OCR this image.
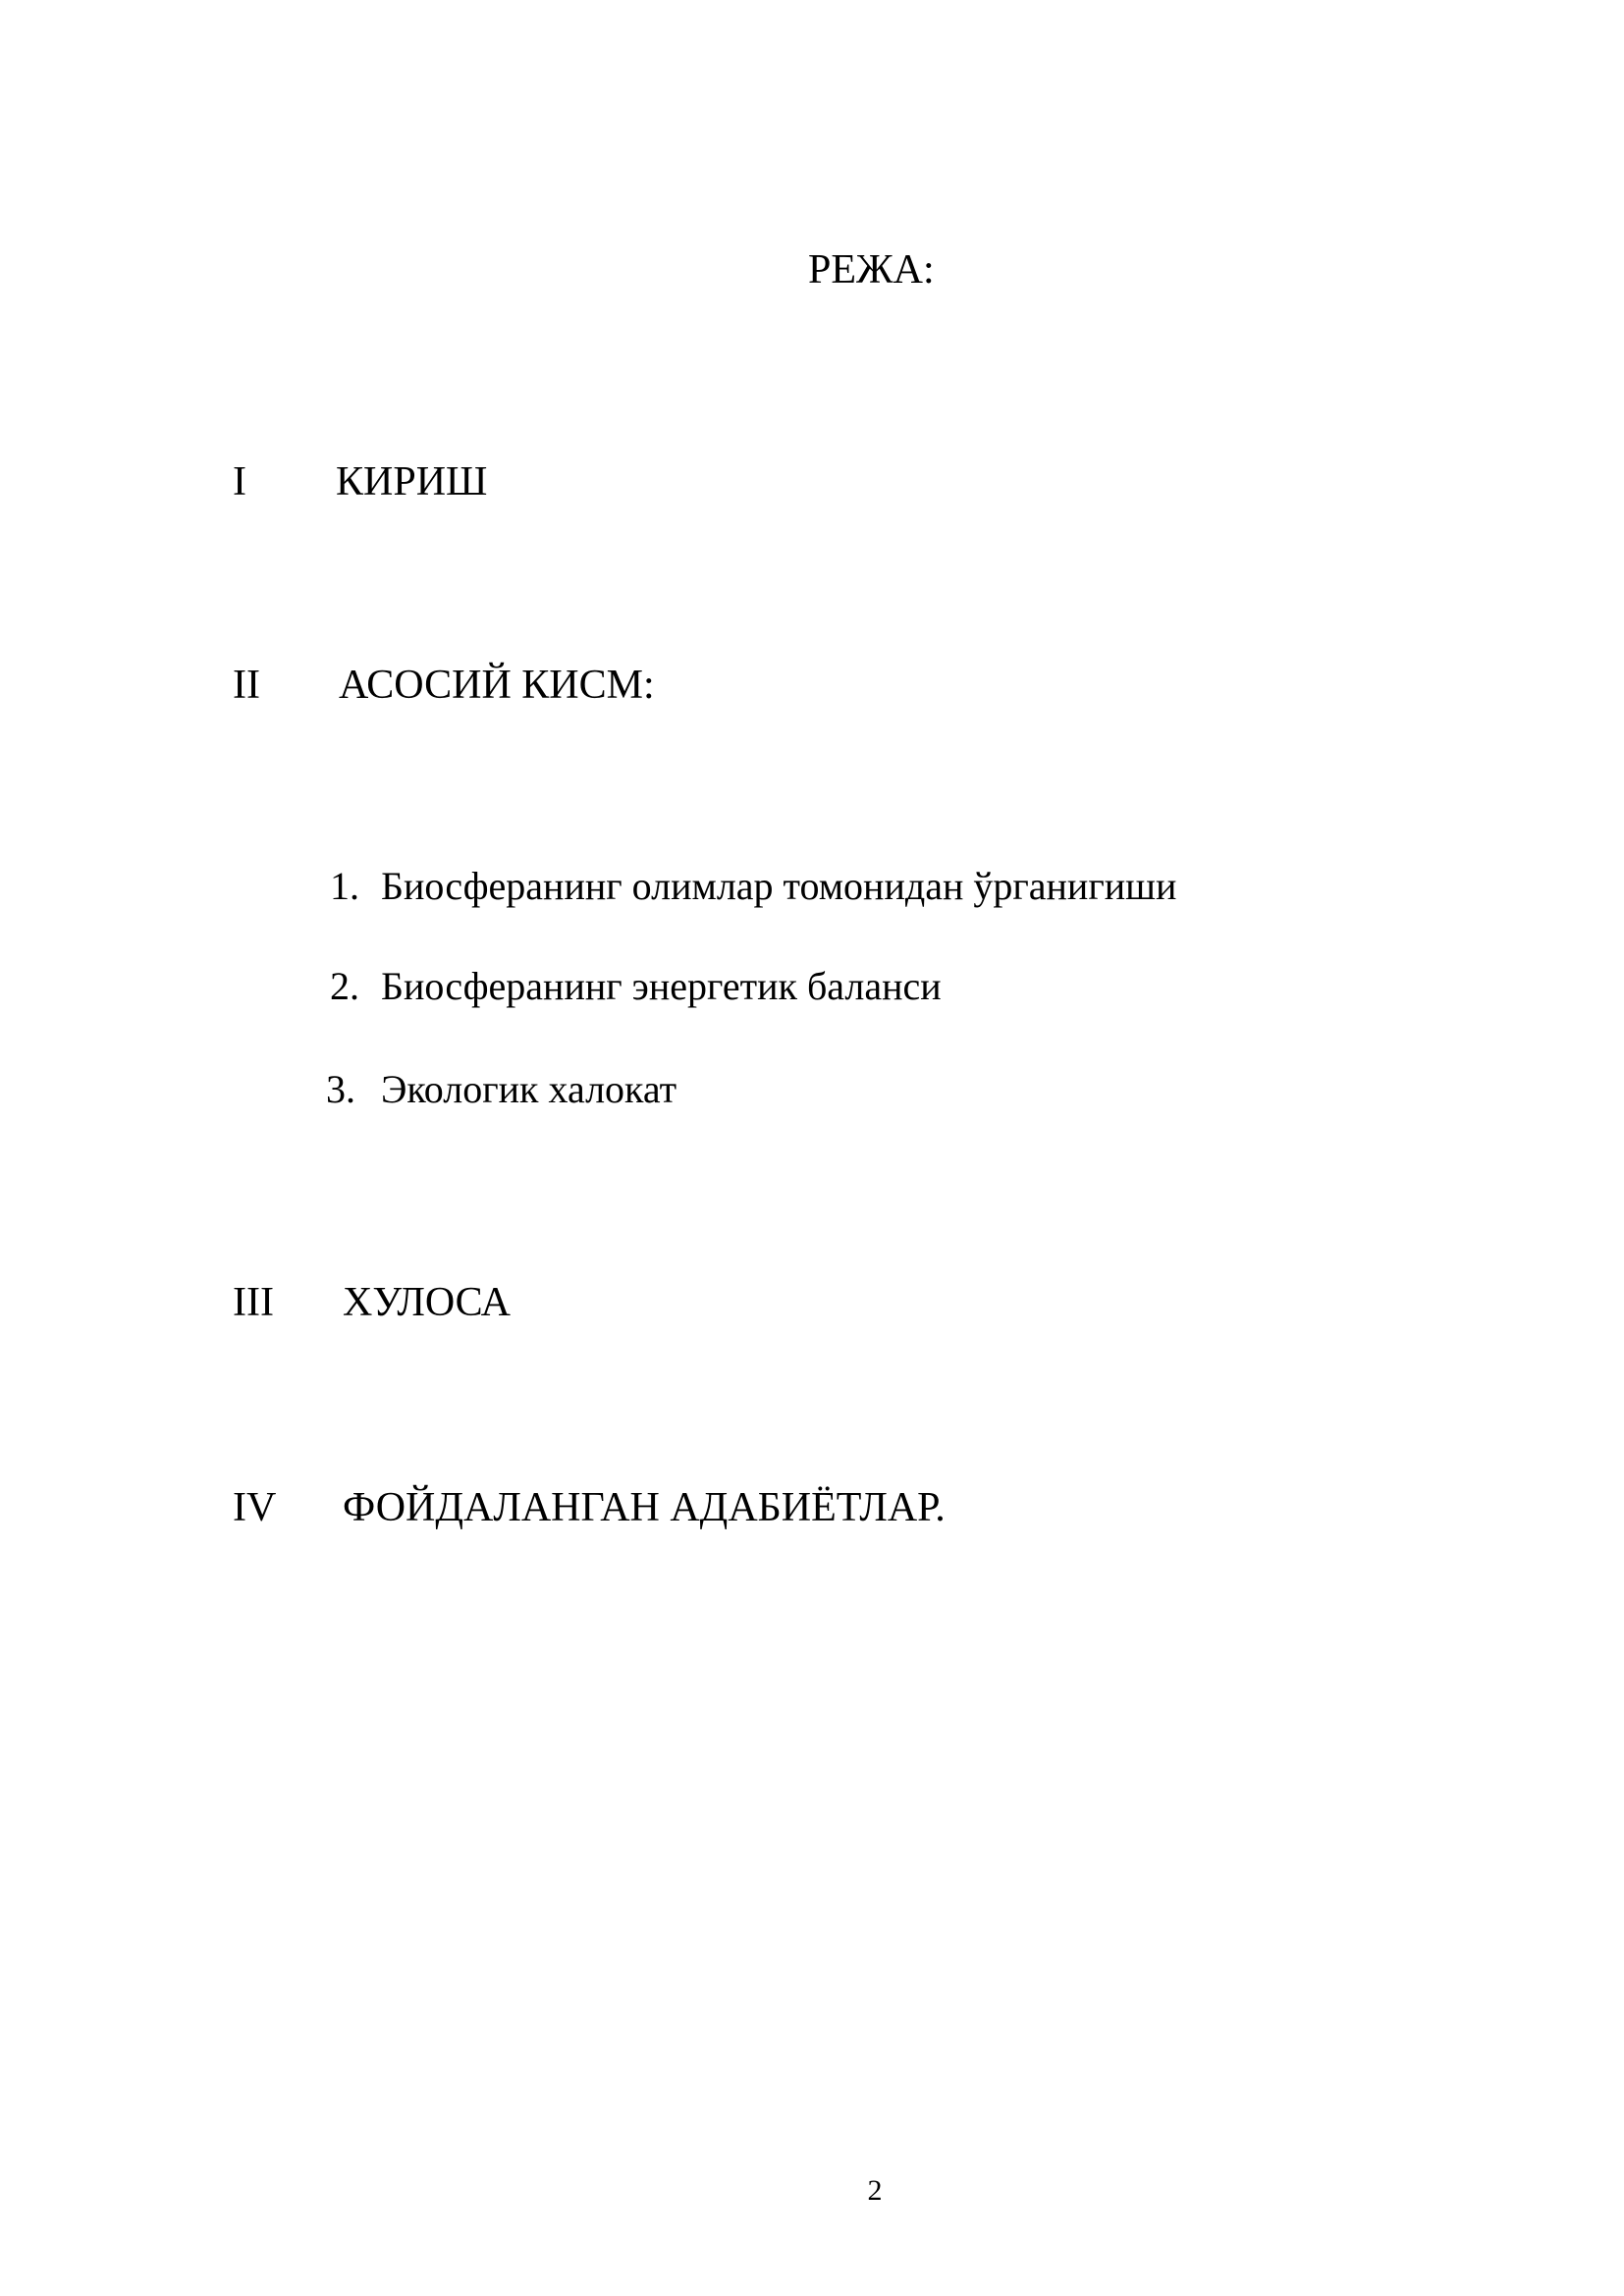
РЕЖА:
I КИРИШ
II АСОСИЙ КИСМ:
1. Биосферанинг олимлар томонидан ўрганигиши
2. Биосферанинг энергетик баланси
3. Экологик халокат
III ХУЛОСА
IV ФОЙДАЛАНГАН АДАБИЁТЛАР.
2
